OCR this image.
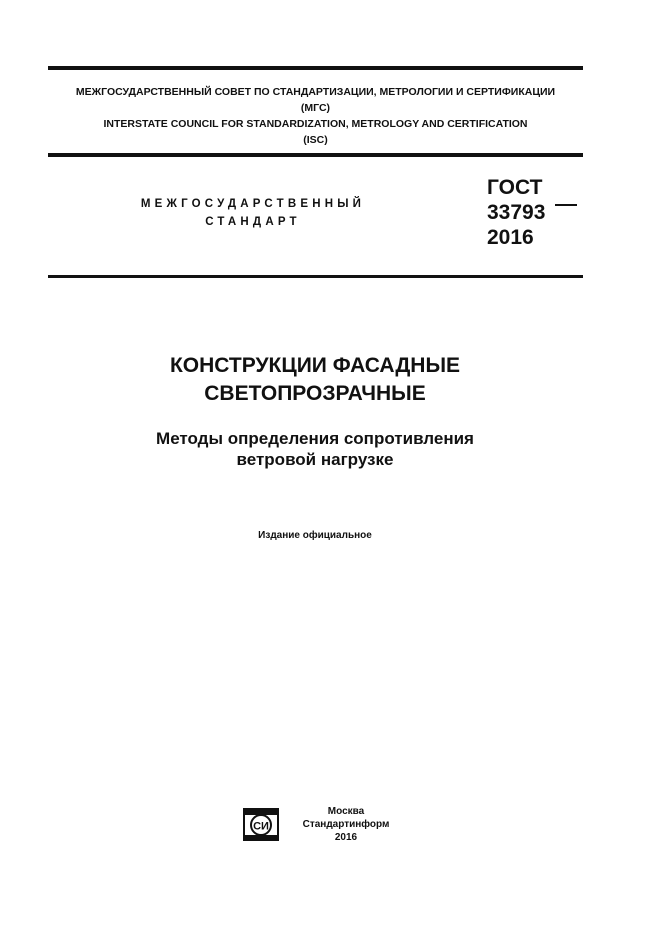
МЕЖГОСУДАРСТВЕННЫЙ СОВЕТ ПО СТАНДАРТИЗАЦИИ, МЕТРОЛОГИИ И СЕРТИФИКАЦИИ
(МГС)
INTERSTATE COUNCIL FOR STANDARDIZATION, METROLOGY AND CERTIFICATION
(ISC)
МЕЖГОСУДАРСТВЕННЫЙ
СТАНДАРТ
ГОСТ
33793
2016
КОНСТРУКЦИИ ФАСАДНЫЕ
СВЕТОПРОЗРАЧНЫЕ
Методы определения сопротивления
ветровой нагрузке
Издание официальное
СИ
Москва
Стандартинформ
2016
